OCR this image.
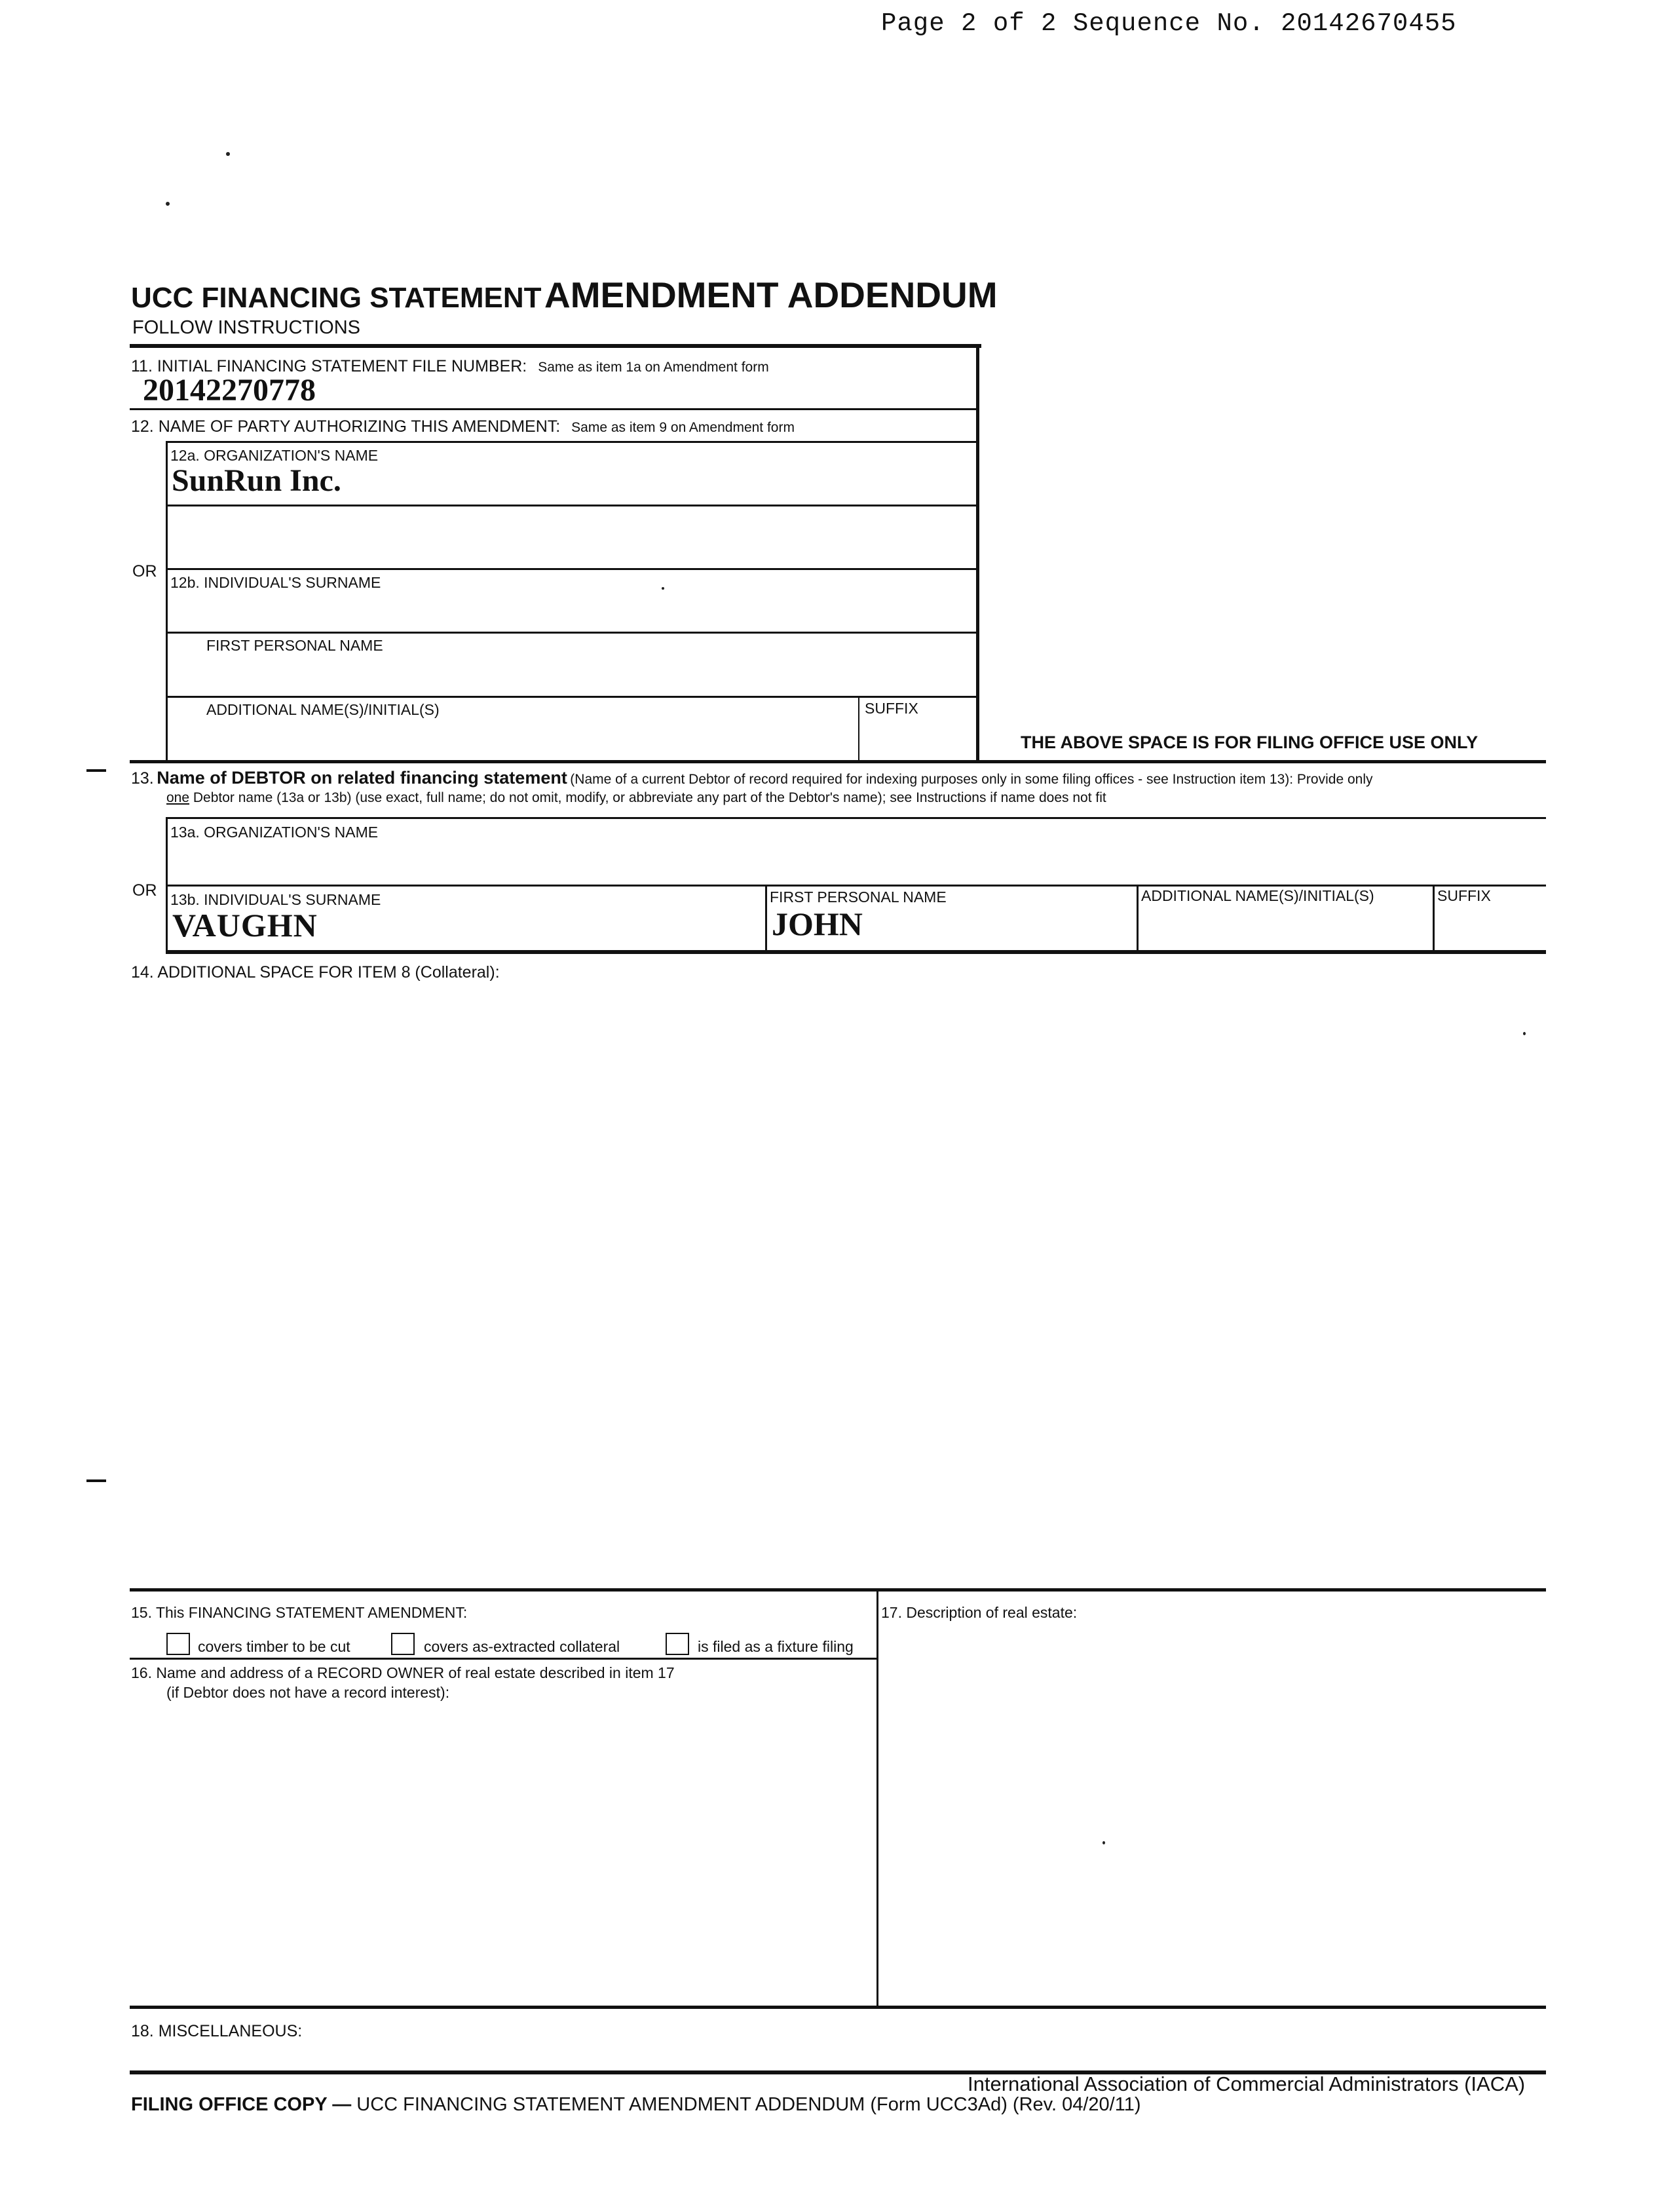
Page 2 of 2 Sequence No. 20142670455
UCC FINANCING STATEMENT AMENDMENT ADDENDUM
FOLLOW INSTRUCTIONS
11. INITIAL FINANCING STATEMENT FILE NUMBER: Same as item 1a on Amendment form
20142270778
12. NAME OF PARTY AUTHORIZING THIS AMENDMENT: Same as item 9 on Amendment form
12a. ORGANIZATION'S NAME
SunRun Inc.
OR
12b. INDIVIDUAL'S SURNAME
FIRST PERSONAL NAME
ADDITIONAL NAME(S)/INITIAL(S)	SUFFIX
THE ABOVE SPACE IS FOR FILING OFFICE USE ONLY
13. Name of DEBTOR on related financing statement (Name of a current Debtor of record required for indexing purposes only in some filing offices - see Instruction item 13): Provide only
one Debtor name (13a or 13b) (use exact, full name; do not omit, modify, or abbreviate any part of the Debtor's name); see Instructions if name does not fit
13a. ORGANIZATION'S NAME
OR 13b. INDIVIDUAL'S SURNAME
VAUGHN
FIRST PERSONAL NAME
JOHN
ADDITIONAL NAME(S)/INITIAL(S)	SUFFIX
14. ADDITIONAL SPACE FOR ITEM 8 (Collateral):
15. This FINANCING STATEMENT AMENDMENT:
covers timber to be cut	covers as-extracted collateral	is filed as a fixture filing
16. Name and address of a RECORD OWNER of real estate described in item 17
(if Debtor does not have a record interest):
17. Description of real estate:
18. MISCELLANEOUS:
International Association of Commercial Administrators (IACA)
FILING OFFICE COPY — UCC FINANCING STATEMENT AMENDMENT ADDENDUM (Form UCC3Ad) (Rev. 04/20/11)
